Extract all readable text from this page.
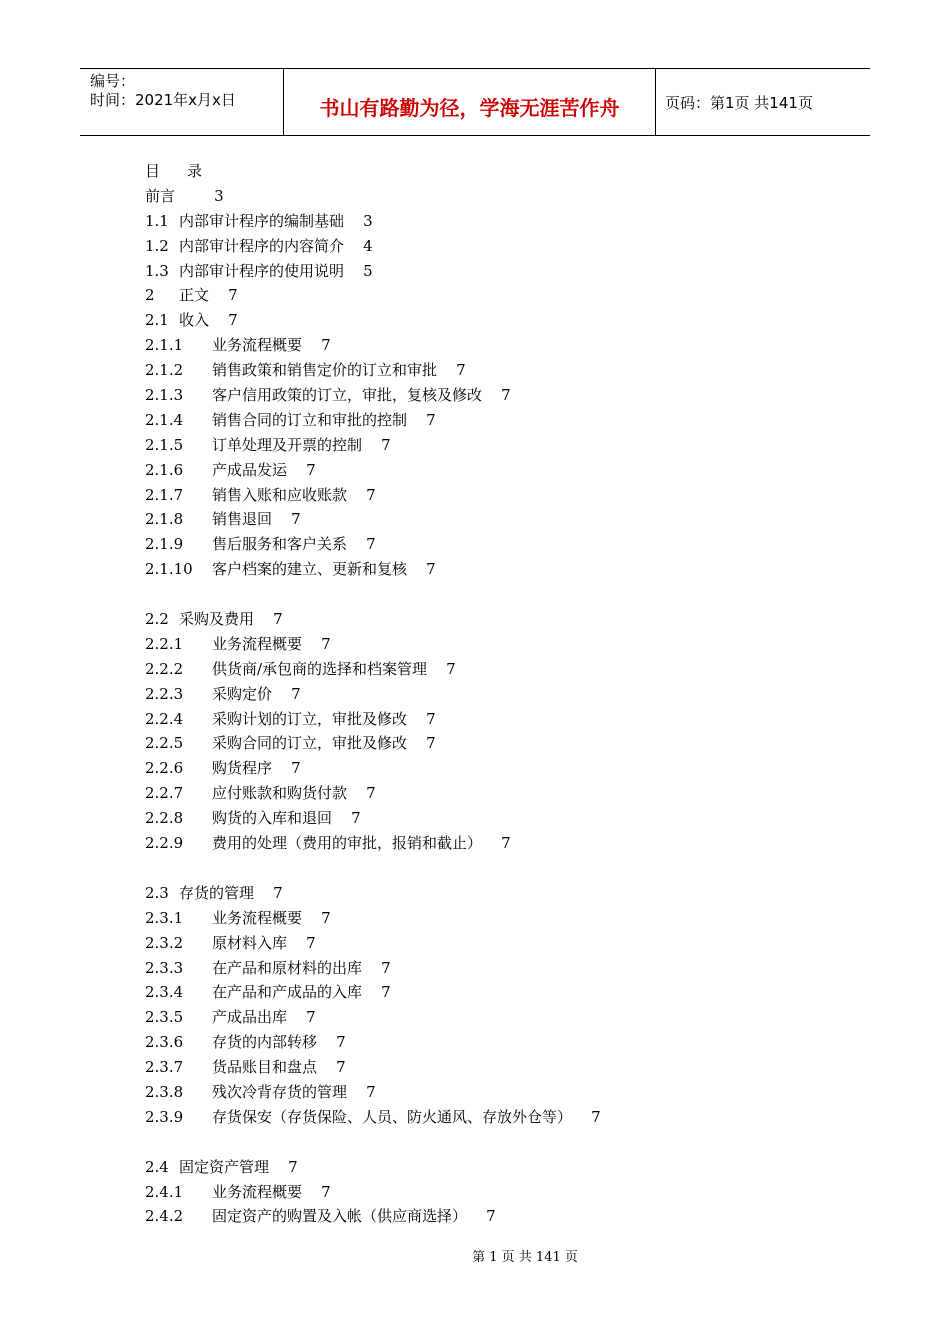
编号：
时间：2021年x月x日	书山有路勤为径，学海无涯苦作舟	页码：第1页 共141页
目 录
前言	3
1.1 内部审计程序的编制基础 3
1.2 内部审计程序的内容简介 4
1.3 内部审计程序的使用说明 5
2 正文 7
2.1 收入 7
2.1.1 业务流程概要 7
2.1.2 销售政策和销售定价的订立和审批 7
2.1.3 客户信用政策的订立，审批，复核及修改 7
2.1.4 销售合同的订立和审批的控制 7
2.1.5 订单处理及开票的控制 7
2.1.6 产成品发运 7
2.1.7 销售入账和应收账款 7
2.1.8 销售退回 7
2.1.9 售后服务和客户关系 7
2.1.10 客户档案的建立、更新和复核 7
2.2 采购及费用 7
2.2.1 业务流程概要 7
2.2.2 供货商/承包商的选择和档案管理 7
2.2.3 采购定价 7
2.2.4 采购计划的订立，审批及修改 7
2.2.5 采购合同的订立，审批及修改 7
2.2.6 购货程序 7
2.2.7 应付账款和购货付款 7
2.2.8 购货的入库和退回 7
2.2.9 费用的处理（费用的审批，报销和截止） 7
2.3 存货的管理 7
2.3.1 业务流程概要 7
2.3.2 原材料入库 7
2.3.3 在产品和原材料的出库 7
2.3.4 在产品和产成品的入库 7
2.3.5 产成品出库 7
2.3.6 存货的内部转移 7
2.3.7 货品账目和盘点 7
2.3.8 残次冷背存货的管理 7
2.3.9 存货保安（存货保险、人员、防火通风、存放外仓等） 7
2.4 固定资产管理 7
2.4.1 业务流程概要 7
2.4.2 固定资产的购置及入帐（供应商选择） 7
第 1 页 共 141 页
